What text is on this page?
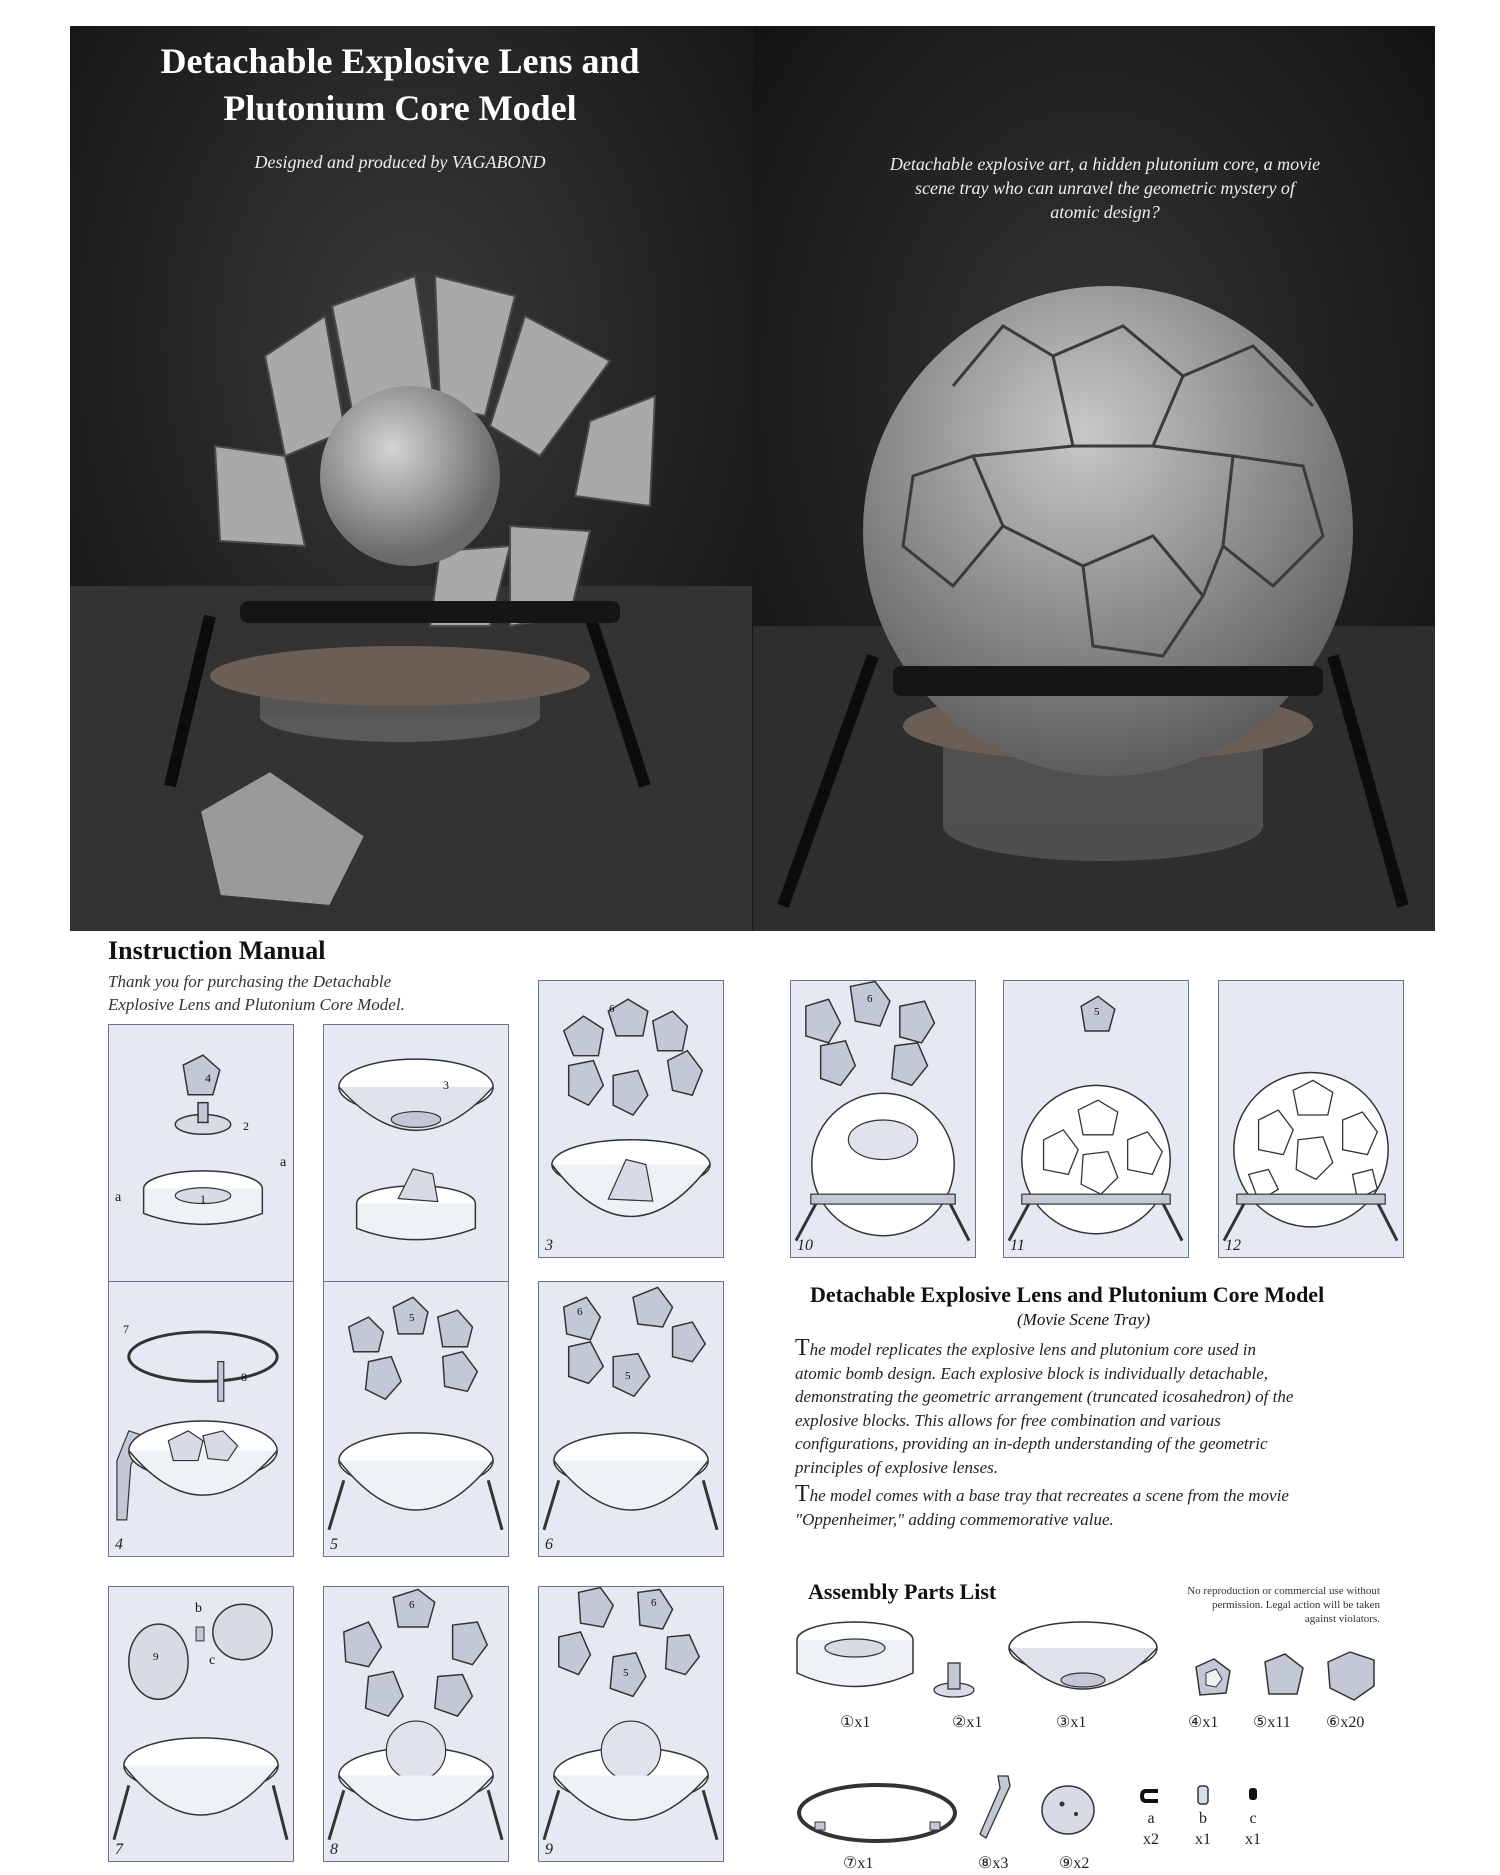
Detachable Explosive Lens and
Plutonium Core Model
Designed and produced by VAGABOND	Detachable explosive art, a hidden plutonium core, a movie
scene tray who can unravel the geometric mystery of
atomic design?
Instruction Manual
Thank you for purchasing the Detachable
Explosive Lens and Plutonium Core Model.
4
2
1
a
a
3
6
3
7
8
4
5
5
6
5
6
9
b
c
7
6
8
6
5
9
6
10
5
11	12
Detachable Explosive Lens and Plutonium Core Model
(Movie Scene Tray)
The model replicates the explosive lens and plutonium core used in
atomic bomb design. Each explosive block is individually detachable,
demonstrating the geometric arrangement (truncated icosahedron) of the
explosive blocks. This allows for free combination and various
configurations, providing an in-depth understanding of the geometric
principles of explosive lenses.
The model comes with a base tray that recreates a scene from the movie
"Oppenheimer," adding commemorative value.
Assembly Parts List	No reproduction or commercial use without
permission. Legal action will be taken
against violators.
①x1	②x1	③x1	④x1 ⑤x11 ⑥x20
⑦x1	⑧x3	⑨x2
a
x2
b
x1
c
x1
